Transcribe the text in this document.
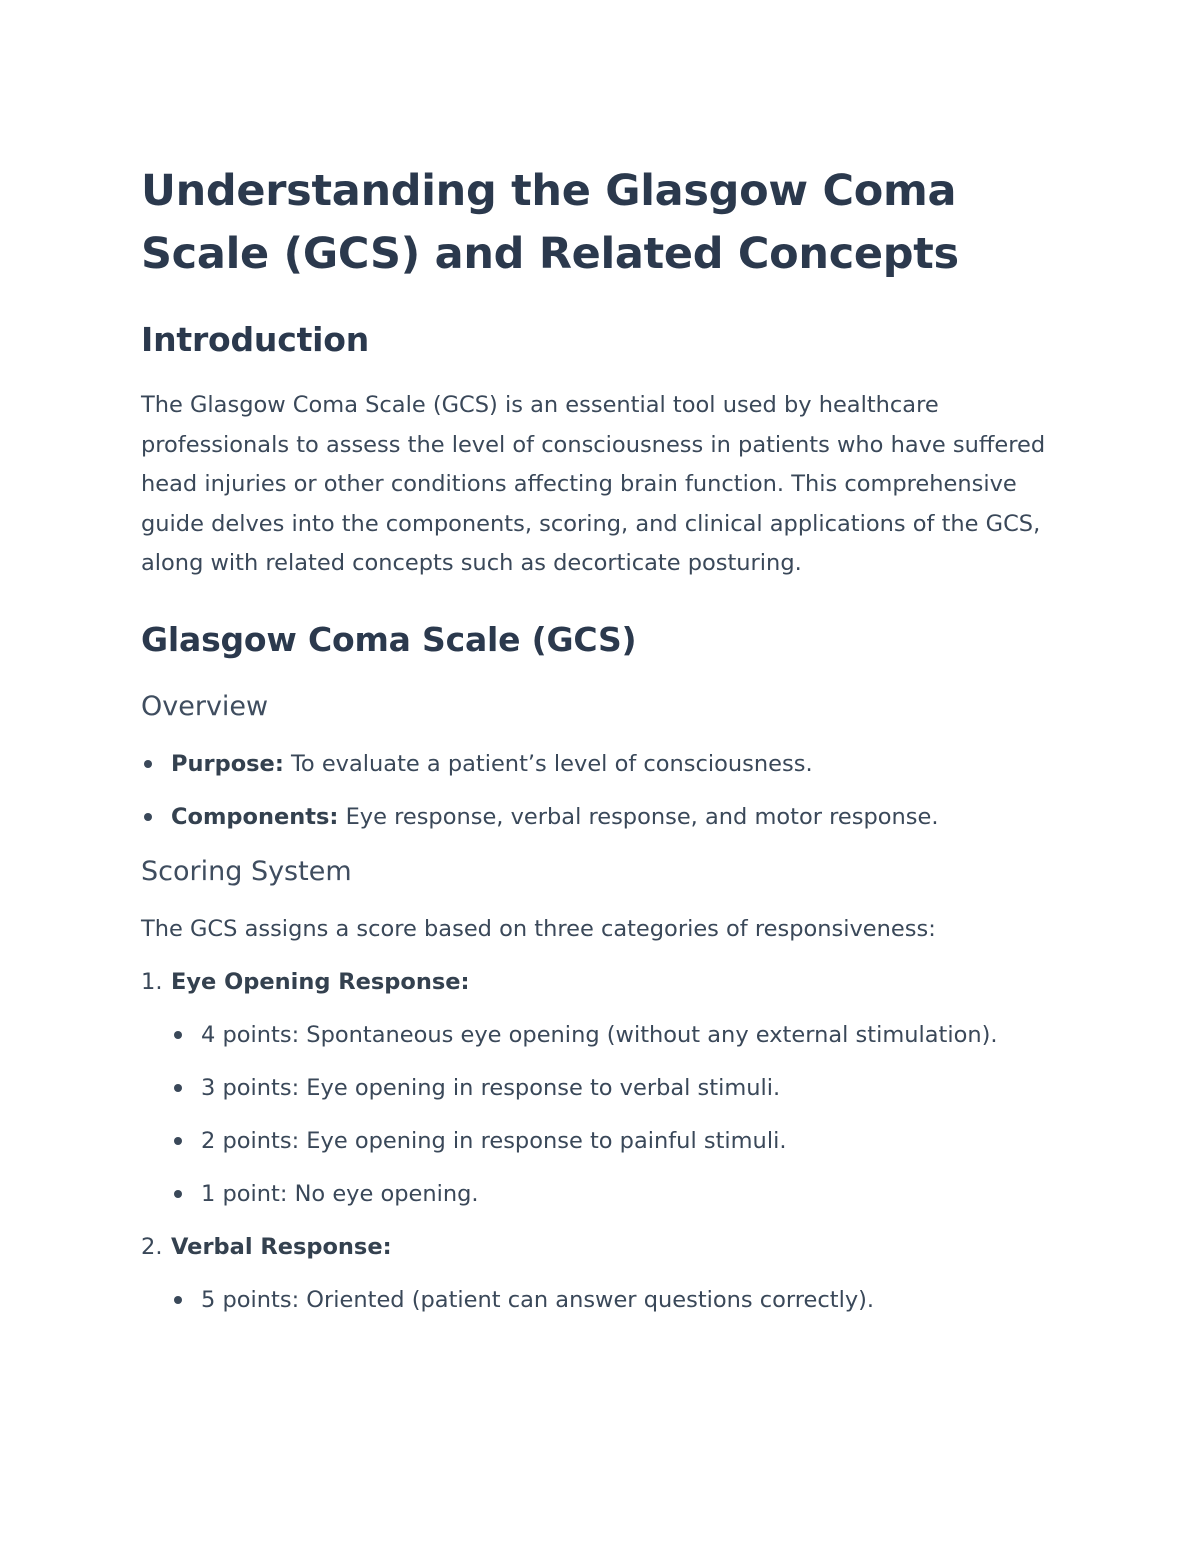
Understanding the Glasgow Coma Scale (GCS) and Related Concepts
Introduction

The Glasgow Coma Scale (GCS) is an essential tool used by healthcare professionals to assess the level of consciousness in patients who have suffered head injuries or other conditions affecting brain function. This comprehensive guide delves into the components, scoring, and clinical applications of the GCS, along with related concepts such as decorticate posturing.

Glasgow Coma Scale (GCS)
Overview
Purpose: To evaluate a patient’s level of consciousness.
Components: Eye response, verbal response, and motor response.
Scoring System

The GCS assigns a score based on three categories of responsiveness:

1. Eye Opening Response:
4 points: Spontaneous eye opening (without any external stimulation).
3 points: Eye opening in response to verbal stimuli.
2 points: Eye opening in response to painful stimuli.
1 point: No eye opening.
2. Verbal Response:
5 points: Oriented (patient can answer questions correctly).
